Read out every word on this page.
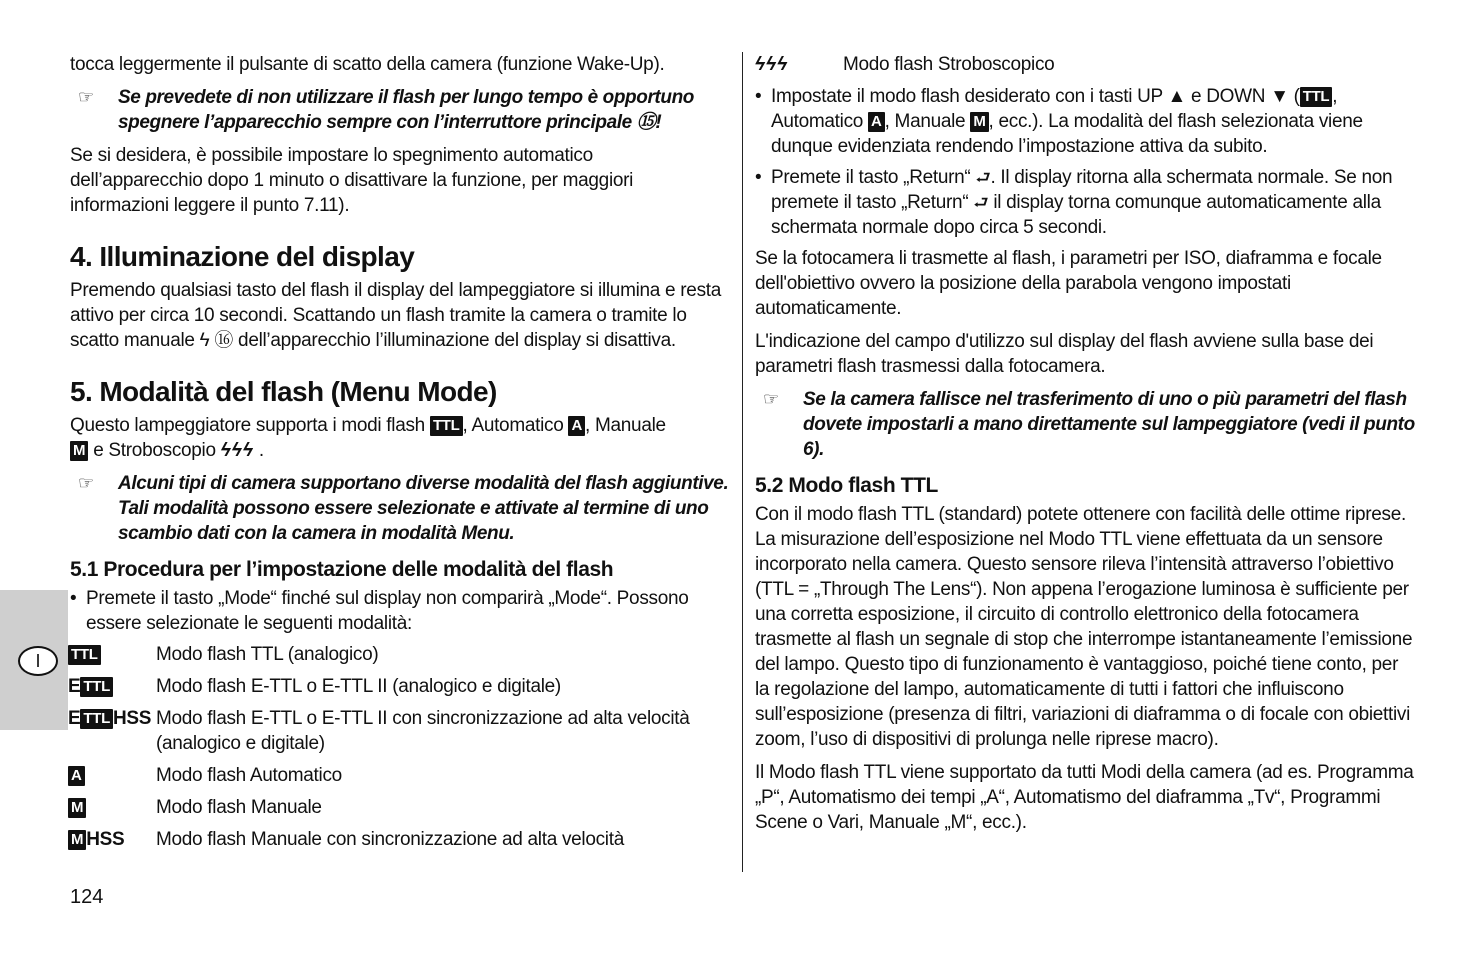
I

tocca leggermente il pulsante di scatto della camera (funzione Wake-Up).

☞	Se prevedete di non utilizzare il flash per lungo tempo è opportuno spegnere l’apparecchio sempre con l’interruttore principale ⑮!

Se si desidera, è possibile impostare lo spegnimento automatico dell’apparecchio dopo 1 minuto o disattivare la funzione, per maggiori informazioni leggere il punto 7.11).

4. Illuminazione del display

Premendo qualsiasi tasto del flash il display del lampeggiatore si illumina e resta attivo per circa 10 secondi. Scattando un flash tramite la camera o tramite lo scatto manuale ϟ ⑯ dell’apparecchio l’illuminazione del display si disattiva.

5. Modalità del flash (Menu Mode)

Questo lampeggiatore supporta i modi flash TTL , Automatico A , Manuale
M e Stroboscopio ϟϟϟ .

☞	Alcuni tipi di camera supportano diverse modalità del flash aggiuntive. Tali modalità possono essere selezionate e attivate al termine di uno scambio dati con la camera in modalità Menu.
5.1 Procedura per l’impostazione delle modalità del flash
• Premete il tasto „Mode“ finché sul display non comparirà „Mode“. Possono essere selezionate le seguenti modalità:
TTL	Modo flash TTL (analogico)
E TTL	Modo flash E-TTL o E-TTL II (analogico e digitale)
E TTL HSS Modo flash E-TTL o E-TTL II con sincronizzazione ad alta velocità (analogico e digitale)
A	Modo flash Automatico
M	Modo flash Manuale
M HSS	Modo flash Manuale con sincronizzazione ad alta velocità
ϟϟϟ	Modo flash Stroboscopico
• Impostate il modo flash desiderato con i tasti UP ▲ e DOWN ▼ ( TTL , Automatico A , Manuale M , ecc.). La modalità del flash selezionata viene dunque evidenziata rendendo l’impostazione attiva da subito.
• Premete il tasto „Return“ ⮐. Il display ritorna alla schermata normale. Se non premete il tasto „Return“ ⮐ il display torna comunque automaticamente alla schermata normale dopo circa 5 secondi.

Se la fotocamera li trasmette al flash, i parametri per ISO, diaframma e focale dell'obiettivo ovvero la posizione della parabola vengono impostati automaticamente.

L'indicazione del campo d'utilizzo sul display del flash avviene sulla base dei parametri flash trasmessi dalla fotocamera.

☞	Se la camera fallisce nel trasferimento di uno o più parametri del flash dovete impostarli a mano direttamente sul lampeggiatore (vedi il punto 6).
5.2 Modo flash TTL

Con il modo flash TTL (standard) potete ottenere con facilità delle ottime riprese. La misurazione dell’esposizione nel Modo TTL viene effettuata da un sensore incorporato nella camera. Questo sensore rileva l’intensità attraverso l’obiettivo (TTL = „Through The Lens“). Non appena l’erogazione luminosa è sufficiente per una corretta esposizione, il circuito di controllo elettronico della fotocamera trasmette al flash un segnale di stop che interrompe istantaneamente l’emissione del lampo. Questo tipo di funzionamento è vantaggioso, poiché tiene conto, per la regolazione del lampo, automaticamente di tutti i fattori che influiscono sull’esposizione (presenza di filtri, variazioni di diaframma o di focale con obiettivi zoom, l’uso di dispositivi di prolunga nelle riprese macro).

Il Modo flash TTL viene supportato da tutti Modi della camera (ad es. Programma „P“, Automatismo dei tempi „A“, Automatismo del diaframma „Tv“, Programmi Scene o Vari, Manuale „M“, ecc.).

124
